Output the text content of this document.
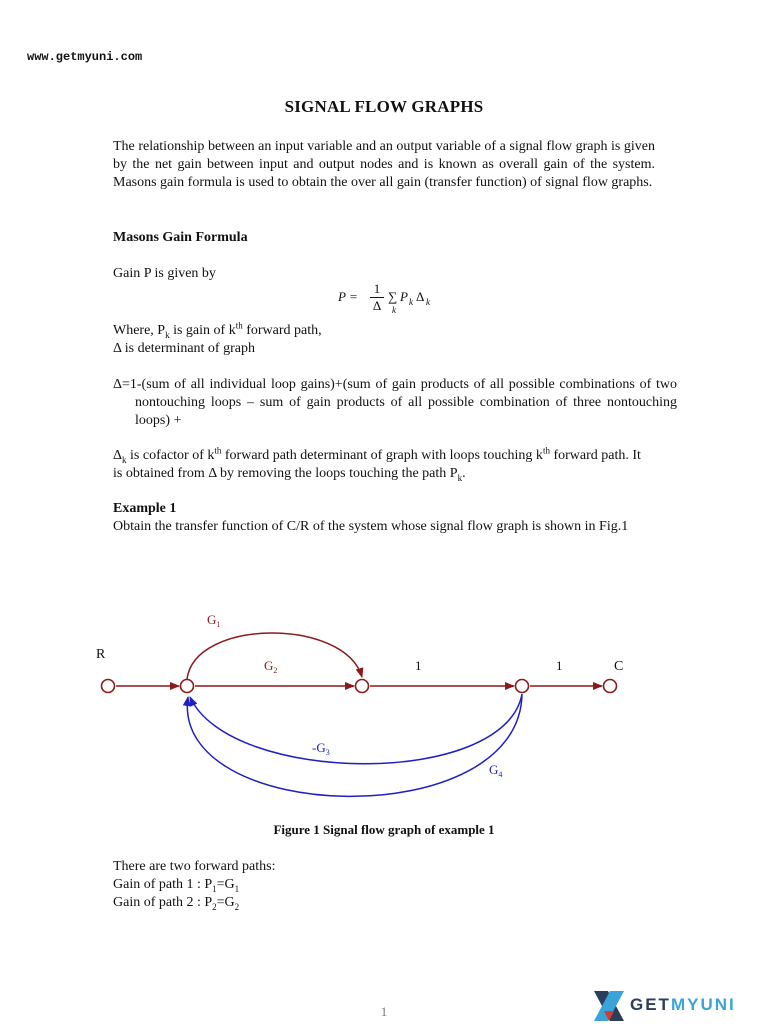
www.getmyuni.com
SIGNAL FLOW GRAPHS
The relationship between an input variable and an output variable of a signal flow graph is given by the net gain between input and output nodes and is known as overall gain of the system. Masons gain formula is used to obtain the over all gain (transfer function) of signal flow graphs.
Masons Gain Formula
Gain P is given by
P =
1
Δ
∑
k
P k Δ k
Where, $P_k$ is gain of $k^{th}$ forward path,
Δ is determinant of graph
Δ=1-(sum of all individual loop gains)+(sum of gain products of all possible combinations of two nontouching loops – sum of gain products of all possible combination of three nontouching loops) +
$\Delta_k$ is cofactor of $k^{th}$ forward path determinant of graph with loops touching $k^{th}$ forward path. It is obtained from Δ by removing the loops touching the path $P_k$.
Example 1
Obtain the transfer function of C/R of the system whose signal flow graph is shown in Fig.1
R
C
$G_1$
$G_2$	1	1
$-G_3$
$G_4$
Figure 1 Signal flow graph of example 1
There are two forward paths:
Gain of path 1 : $P_1=G_1$
Gain of path 2 : $P_2=G_2$
1	GETMYUNI
